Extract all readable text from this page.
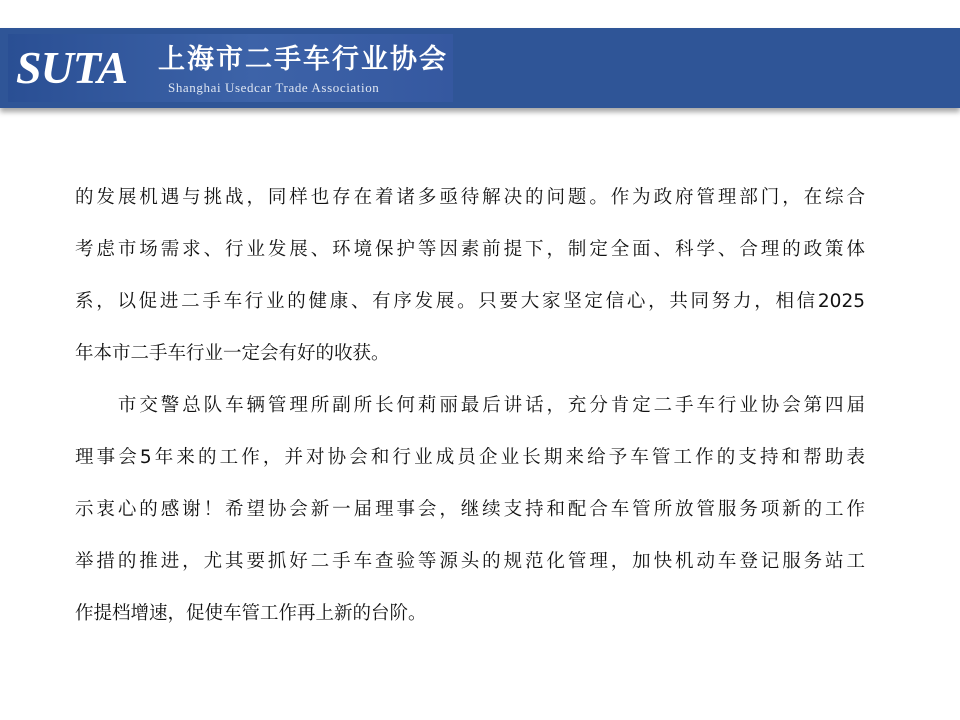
SUTA 上海市二手车行业协会
Shanghai Usedcar Trade Association
的发展机遇与挑战，同样也存在着诸多亟待解决的问题。作为政府管理部门，在综合
考虑市场需求、行业发展、环境保护等因素前提下，制定全面、科学、合理的政策体
系，以促进二手车行业的健康、有序发展。只要大家坚定信心，共同努力，相信2025
年本市二手车行业一定会有好的收获。
市交警总队车辆管理所副所长何莉丽最后讲话，充分肯定二手车行业协会第四届
理事会5年来的工作，并对协会和行业成员企业长期来给予车管工作的支持和帮助表
示衷心的感谢！希望协会新一届理事会，继续支持和配合车管所放管服务项新的工作
举措的推进，尤其要抓好二手车查验等源头的规范化管理，加快机动车登记服务站工
作提档增速，促使车管工作再上新的台阶。
